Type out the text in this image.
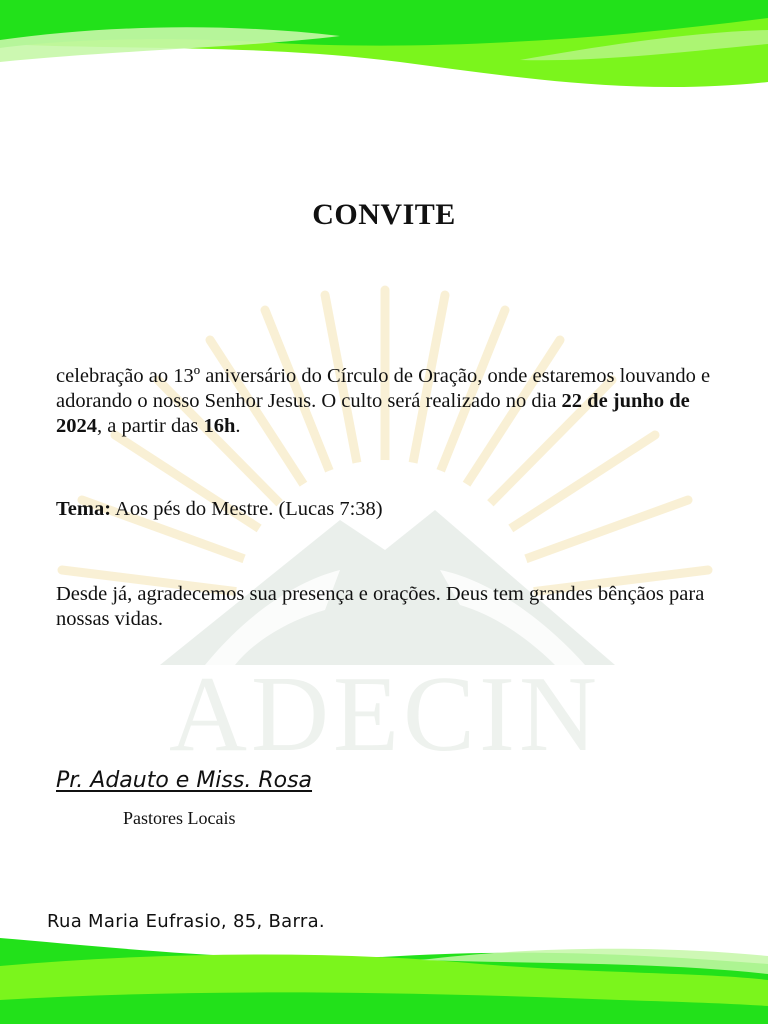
ADECIN
CONVITE

celebração ao 13º aniversário do Círculo de Oração, onde estaremos louvando e adorando o nosso Senhor Jesus. O culto será realizado no dia 22 de junho de 2024, a partir das 16h.

Tema: Aos pés do Mestre. (Lucas 7:38)

Desde já, agradecemos sua presença e orações. Deus tem grandes bênçãos para nossas vidas.

Pr. Adauto e Miss. Rosa

Pastores Locais

Rua Maria Eufrasio, 85, Barra.
